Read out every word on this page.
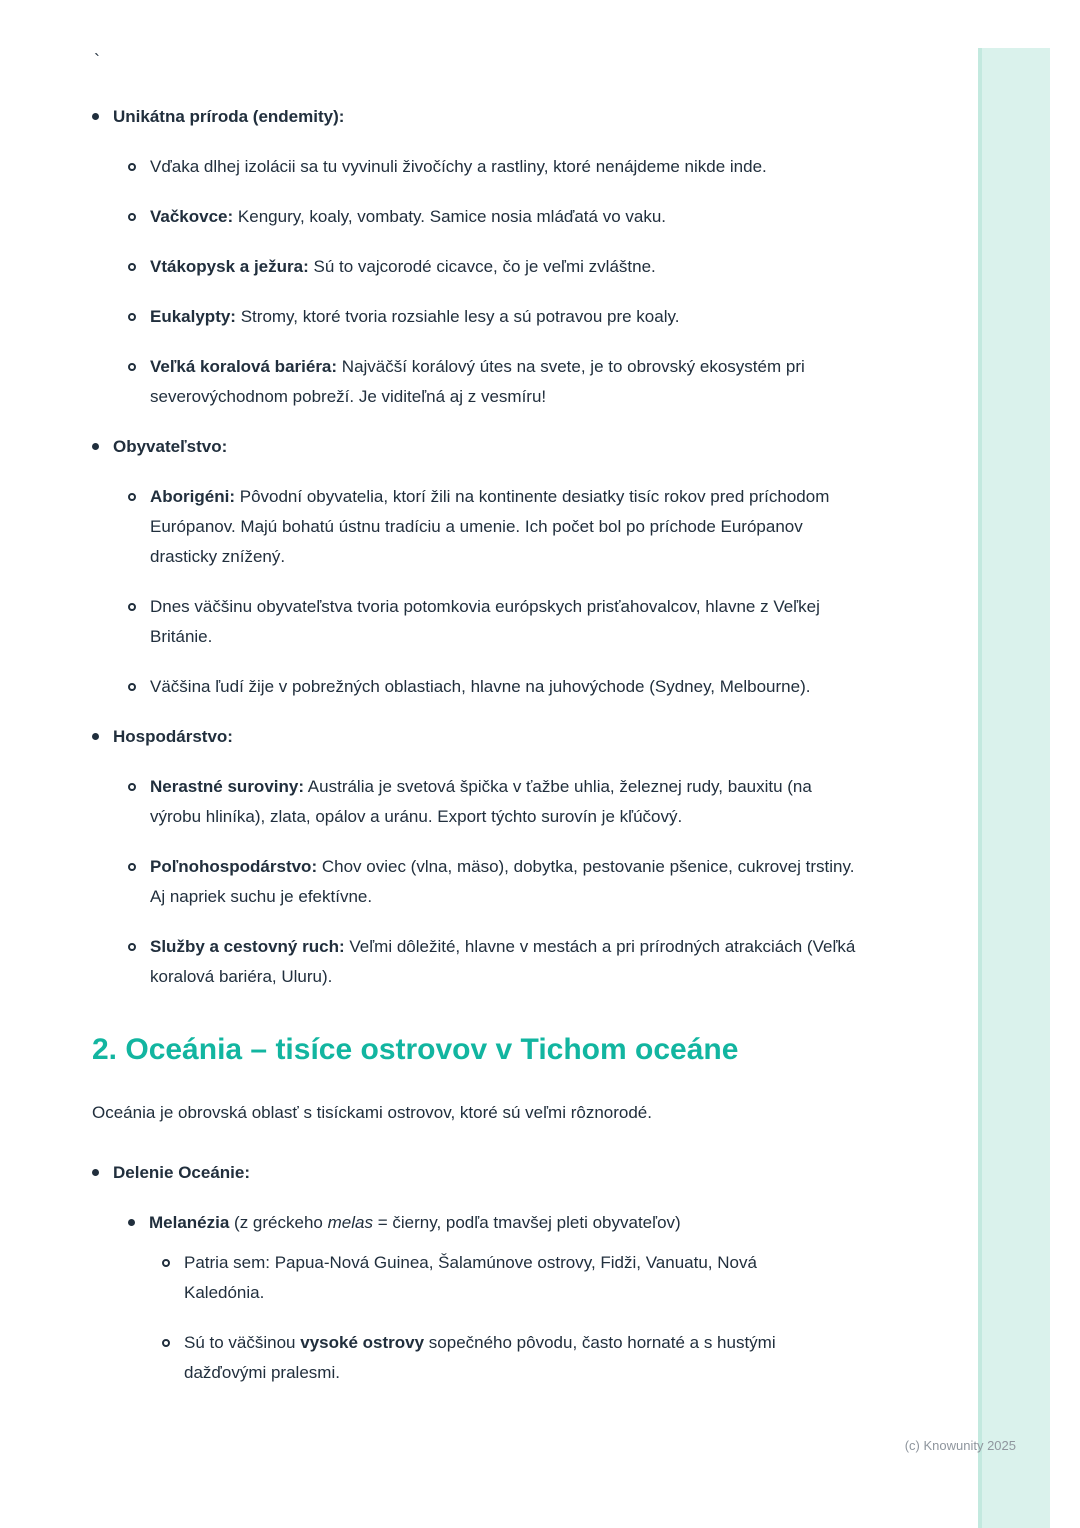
(c) Knowunity 2025
`
Unikátna príroda (endemity):
Vďaka dlhej izolácii sa tu vyvinuli živočíchy a rastliny, ktoré nenájdeme nikde inde.
Vačkovce: Kengury, koaly, vombaty. Samice nosia mláďatá vo vaku.
Vtákopysk a ježura: Sú to vajcorodé cicavce, čo je veľmi zvláštne.
Eukalypty: Stromy, ktoré tvoria rozsiahle lesy a sú potravou pre koaly.
Veľká koralová bariéra: Najväčší korálový útes na svete, je to obrovský ekosystém pri severovýchodnom pobreží. Je viditeľná aj z vesmíru!
Obyvateľstvo:
Aborigéni: Pôvodní obyvatelia, ktorí žili na kontinente desiatky tisíc rokov pred príchodom Európanov. Majú bohatú ústnu tradíciu a umenie. Ich počet bol po príchode Európanov drasticky znížený.
Dnes väčšinu obyvateľstva tvoria potomkovia európskych prisťahovalcov, hlavne z Veľkej Británie.
Väčšina ľudí žije v pobrežných oblastiach, hlavne na juhovýchode (Sydney, Melbourne).
Hospodárstvo:
Nerastné suroviny: Austrália je svetová špička v ťažbe uhlia, železnej rudy, bauxitu (na výrobu hliníka), zlata, opálov a uránu. Export týchto surovín je kľúčový.
Poľnohospodárstvo: Chov oviec (vlna, mäso), dobytka, pestovanie pšenice, cukrovej trstiny. Aj napriek suchu je efektívne.
Služby a cestovný ruch: Veľmi dôležité, hlavne v mestách a pri prírodných atrakciách (Veľká koralová bariéra, Uluru).
2. Oceánia – tisíce ostrovov v Tichom oceáne

Oceánia je obrovská oblasť s tisíckami ostrovov, ktoré sú veľmi rôznorodé.

Delenie Oceánie:
Melanézia (z gréckeho melas = čierny, podľa tmavšej pleti obyvateľov)
Patria sem: Papua-Nová Guinea, Šalamúnove ostrovy, Fidži, Vanuatu, Nová Kaledónia.
Sú to väčšinou vysoké ostrovy sopečného pôvodu, často hornaté a s hustými dažďovými pralesmi.
